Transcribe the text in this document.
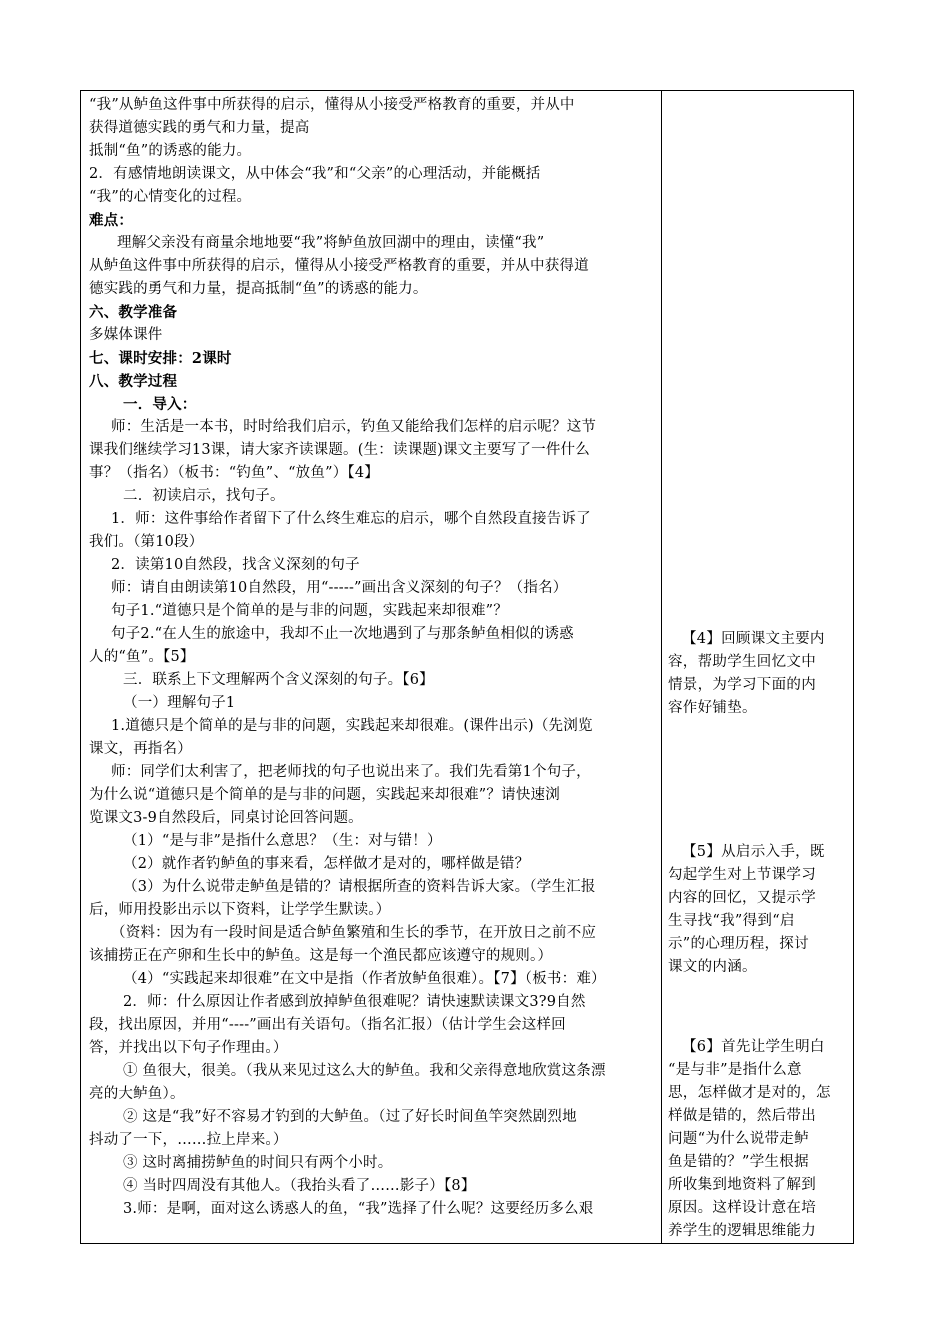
“我”从鲈鱼这件事中所获得的启示，懂得从小接受严格教育的重要，并从中
获得道德实践的勇气和力量，提高
抵制“鱼”的诱惑的能力。
2．有感情地朗读课文，从中体会“我”和“父亲”的心理活动，并能概括
“我”的心情变化的过程。
难点：
理解父亲没有商量余地地要“我”将鲈鱼放回湖中的理由，读懂“我”
从鲈鱼这件事中所获得的启示，懂得从小接受严格教育的重要，并从中获得道
德实践的勇气和力量，提高抵制“鱼”的诱惑的能力。
六、教学准备
多媒体课件
七、课时安排：2课时
八、教学过程
一．导入：
师：生活是一本书，时时给我们启示，钓鱼又能给我们怎样的启示呢？这节
课我们继续学习13课，请大家齐读课题。(生：读课题)课文主要写了一件什么
事？（指名）（板书：“钓鱼”、“放鱼”）【4】
二．初读启示，找句子。
1．师：这件事给作者留下了什么终生难忘的启示，哪个自然段直接告诉了
我们。（第10段）
2．读第10自然段，找含义深刻的句子
师：请自由朗读第10自然段，用“-----”画出含义深刻的句子？（指名）
句子1.“道德只是个简单的是与非的问题，实践起来却很难”？
句子2.“在人生的旅途中，我却不止一次地遇到了与那条鲈鱼相似的诱惑
人的“鱼”。【5】
三．联系上下文理解两个含义深刻的句子。【6】
（一）理解句子1
1.道德只是个简单的是与非的问题，实践起来却很难。(课件出示)（先浏览
课文，再指名）
师：同学们太利害了，把老师找的句子也说出来了。我们先看第1个句子，
为什么说“道德只是个简单的是与非的问题，实践起来却很难”？请快速浏
览课文3-9自然段后，同桌讨论回答问题。
（1）“是与非”是指什么意思？（生：对与错！）
（2）就作者钓鲈鱼的事来看，怎样做才是对的，哪样做是错？
（3）为什么说带走鲈鱼是错的？请根据所查的资料告诉大家。（学生汇报
后，师用投影出示以下资料，让学学生默读。）
（资料：因为有一段时间是适合鲈鱼繁殖和生长的季节，在开放日之前不应
该捕捞正在产卵和生长中的鲈鱼。这是每一个渔民都应该遵守的规则。）
（4）“实践起来却很难”在文中是指（作者放鲈鱼很难）。【7】（板书：难）
2．师：什么原因让作者感到放掉鲈鱼很难呢？请快速默读课文3?9自然
段，找出原因，并用“----”画出有关语句。（指名汇报）（估计学生会这样回
答，并找出以下句子作理由。）
① 鱼很大，很美。（我从来见过这么大的鲈鱼。我和父亲得意地欣赏这条漂
亮的大鲈鱼）。
② 这是“我”好不容易才钓到的大鲈鱼。（过了好长时间鱼竿突然剧烈地
抖动了一下，……拉上岸来。）
③ 这时离捕捞鲈鱼的时间只有两个小时。
④ 当时四周没有其他人。（我抬头看了……影子）【8】
3.师：是啊，面对这么诱惑人的鱼，“我”选择了什么呢？这要经历多么艰
【4】回顾课文主要内
容，帮助学生回忆文中
情景，为学习下面的内
容作好铺垫。
【5】从启示入手，既
勾起学生对上节课学习
内容的回忆，又提示学
生寻找“我”得到“启
示”的心理历程，探讨
课文的内涵。
【6】首先让学生明白
“是与非”是指什么意
思，怎样做才是对的，怎
样做是错的，然后带出
问题“为什么说带走鲈
鱼是错的？”学生根据
所收集到地资料了解到
原因。这样设计意在培
养学生的逻辑思维能力
